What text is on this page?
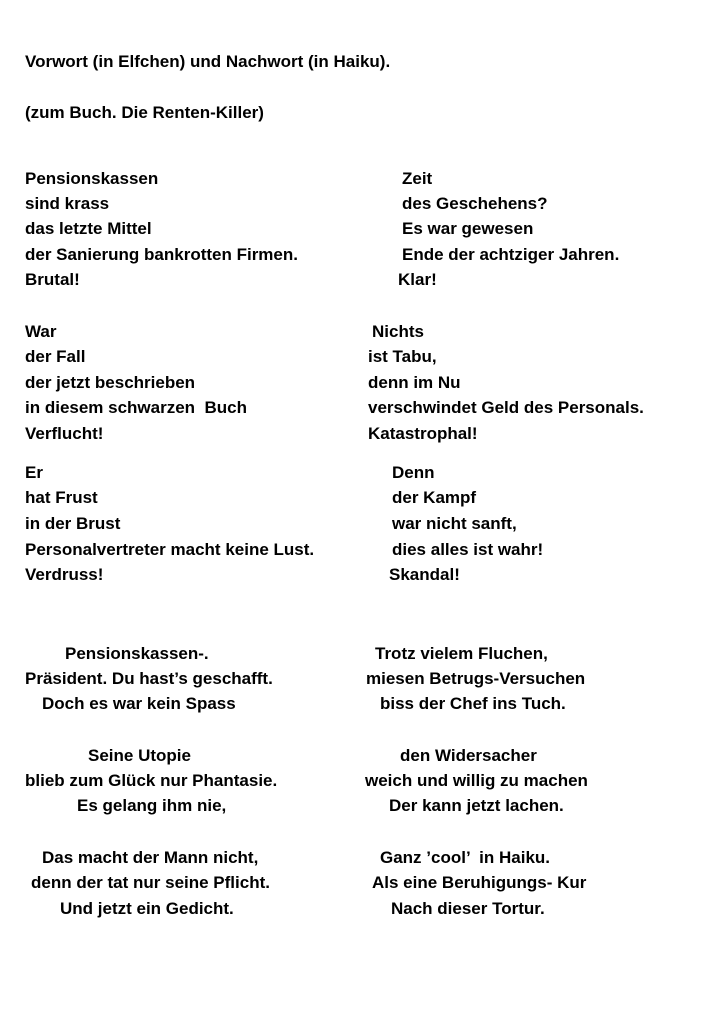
Vorwort (in Elfchen) und Nachwort (in Haiku).
(zum Buch. Die Renten-Killer)
Pensionskassen
sind krass
das letzte Mittel
der Sanierung bankrotten Firmen.
Brutal!
Zeit
des Geschehens?
Es war gewesen
Ende der achtziger Jahren.
Klar!
War
der Fall
der jetzt beschrieben
in diesem schwarzen  Buch
Verflucht!
Nichts
ist Tabu,
denn im Nu
verschwindet Geld des Personals.
Katastrophal!
Er
hat Frust
in der Brust
Personalvertreter macht keine Lust.
Verdruss!
Denn
der Kampf
war nicht sanft,
dies alles ist wahr!
Skandal!
Pensionskassen-.
Präsident. Du hast’s geschafft.
Doch es war kein Spass
Trotz vielem Fluchen,
miesen Betrugs-Versuchen
biss der Chef ins Tuch.
Seine Utopie
blieb zum Glück nur Phantasie.
Es gelang ihm nie,
den Widersacher
weich und willig zu machen
Der kann jetzt lachen.
Das macht der Mann nicht,
denn der tat nur seine Pflicht.
Und jetzt ein Gedicht.
Ganz ’cool’  in Haiku.
Als eine Beruhigungs- Kur
Nach dieser Tortur.
